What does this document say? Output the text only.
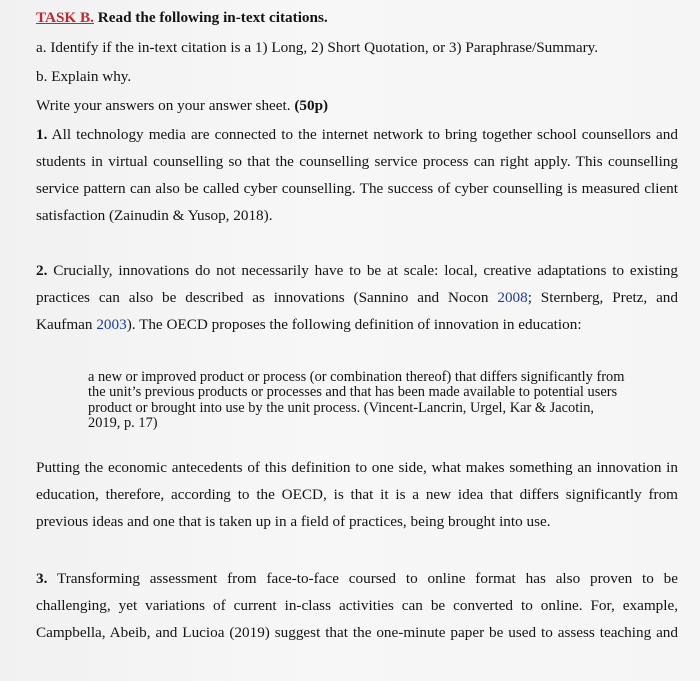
TASK B. Read the following in-text citations.
a. Identify if the in-text citation is a 1) Long, 2) Short Quotation, or 3) Paraphrase/Summary.
b. Explain why.
Write your answers on your answer sheet. (50p)
1. All technology media are connected to the internet network to bring together school counsellors and
students in virtual counselling so that the counselling service process can right apply. This counselling
service pattern can also be called cyber counselling. The success of cyber counselling is measured client
satisfaction (Zainudin & Yusop, 2018).
2. Crucially, innovations do not necessarily have to be at scale: local, creative adaptations to existing
practices can also be described as innovations (Sannino and Nocon 2008; Sternberg, Pretz, and
Kaufman 2003). The OECD proposes the following definition of innovation in education:
a new or improved product or process (or combination thereof) that differs significantly from
the unit’s previous products or processes and that has been made available to potential users
product or brought into use by the unit process. (Vincent-Lancrin, Urgel, Kar & Jacotin,
2019, p. 17)
Putting the economic antecedents of this definition to one side, what makes something an innovation in
education, therefore, according to the OECD, is that it is a new idea that differs significantly from
previous ideas and one that is taken up in a field of practices, being brought into use.
3. Transforming assessment from face-to-face coursed to online format has also proven to be
challenging, yet variations of current in-class activities can be converted to online. For, example,
Campbella, Abeib, and Lucioa (2019) suggest that the one-minute paper be used to assess teaching and
